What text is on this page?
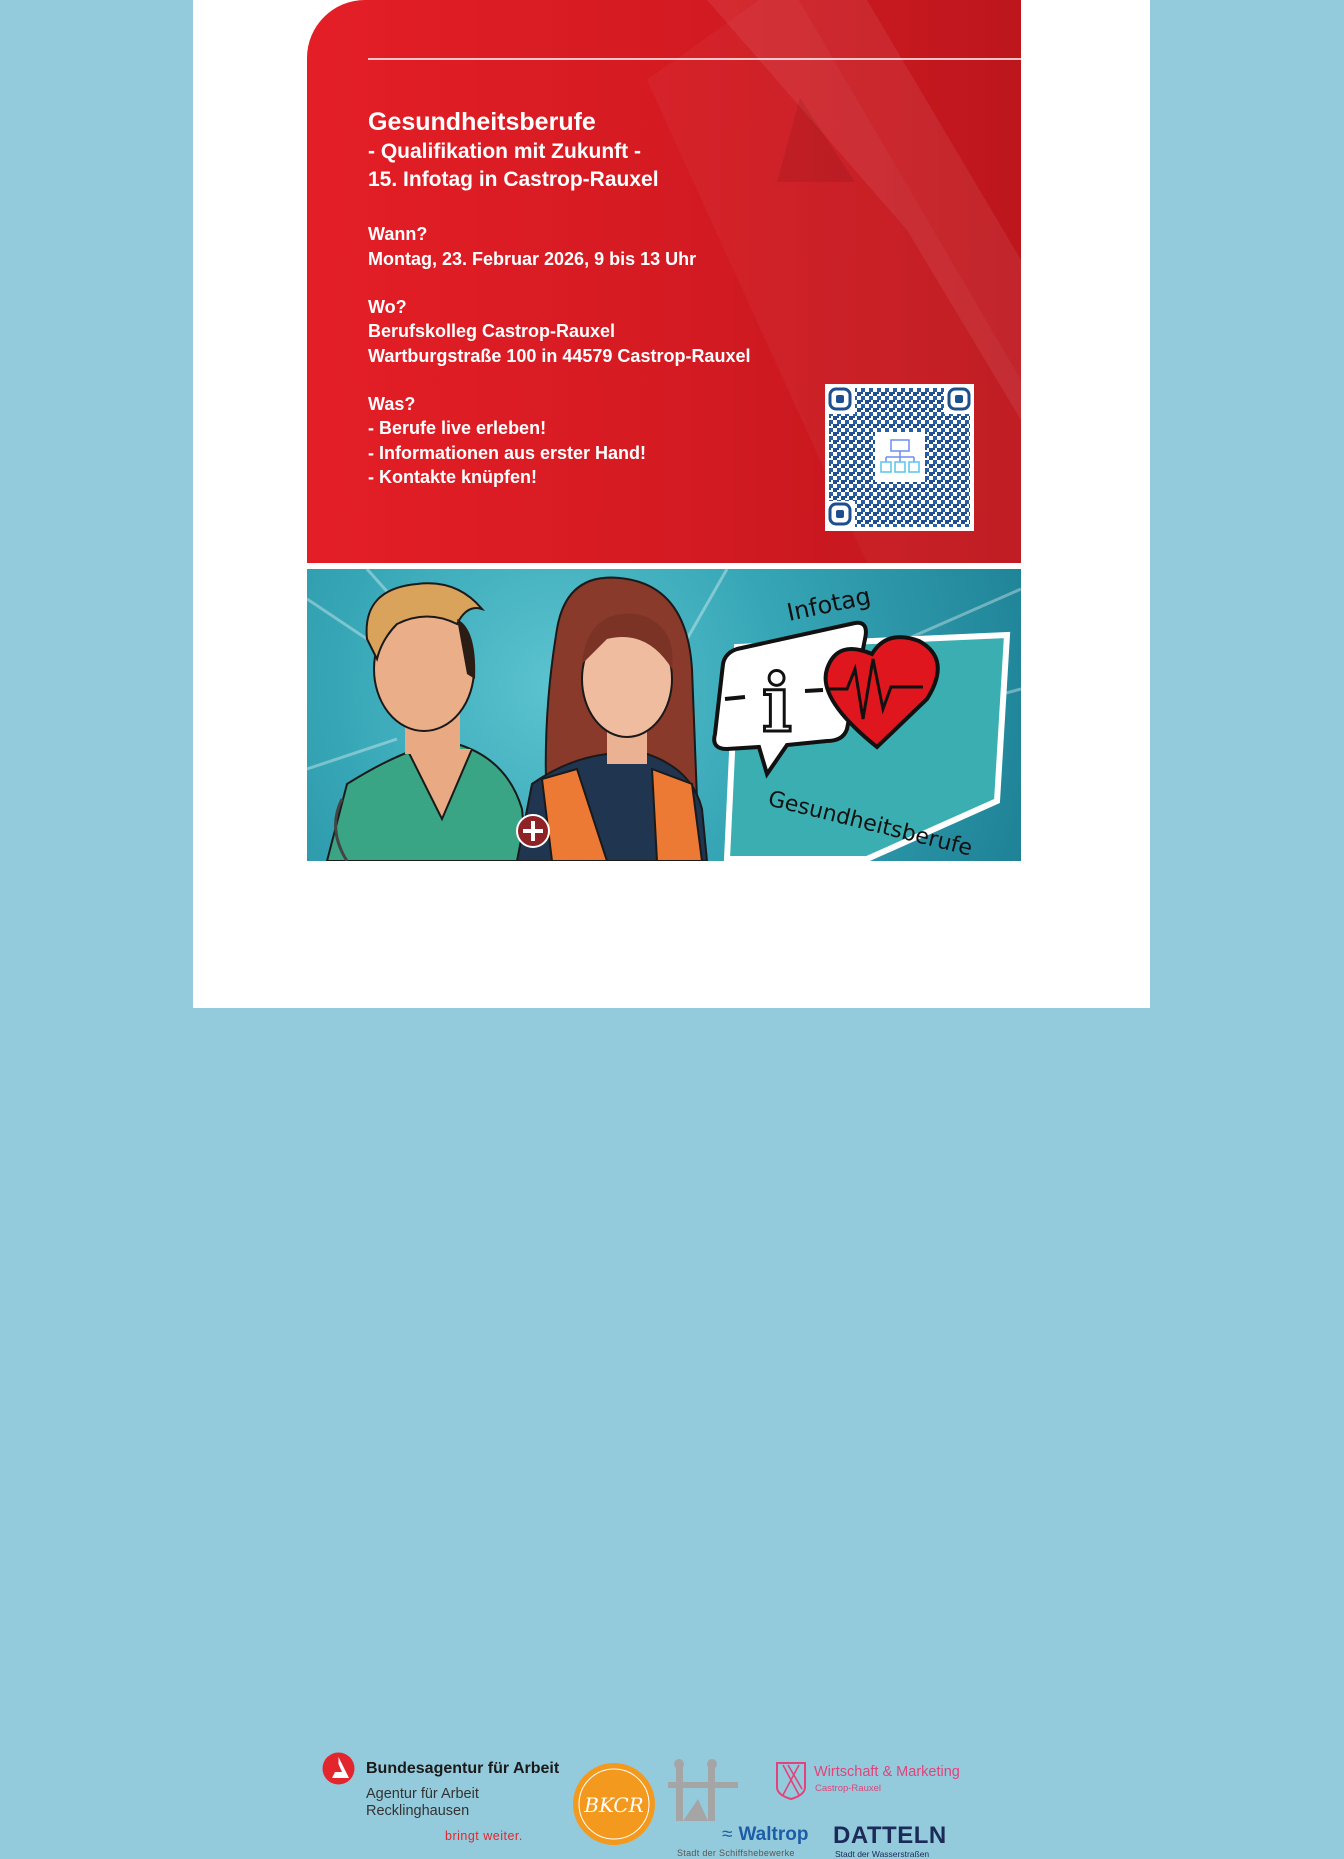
Gesundheitsberufe
- Qualifikation mit Zukunft -
15. Infotag in Castrop-Rauxel
Wann?
Montag, 23. Februar 2026, 9 bis 13 Uhr
Wo?
Berufskolleg Castrop-Rauxel
Wartburgstraße 100 in 44579 Castrop-Rauxel
Was?
- Berufe live erleben!
- Informationen aus erster Hand!
- Kontakte knüpfen!
i
Infotag
Gesundheitsberufe
Bundesagentur für Arbeit
Agentur für Arbeit
Recklinghausen
bringt weiter.
BKCR
≈ Waltrop
Stadt der Schiffshebewerke
Wirtschaft & Marketing
Castrop-Rauxel
DATTELN
Stadt der Wasserstraßen
